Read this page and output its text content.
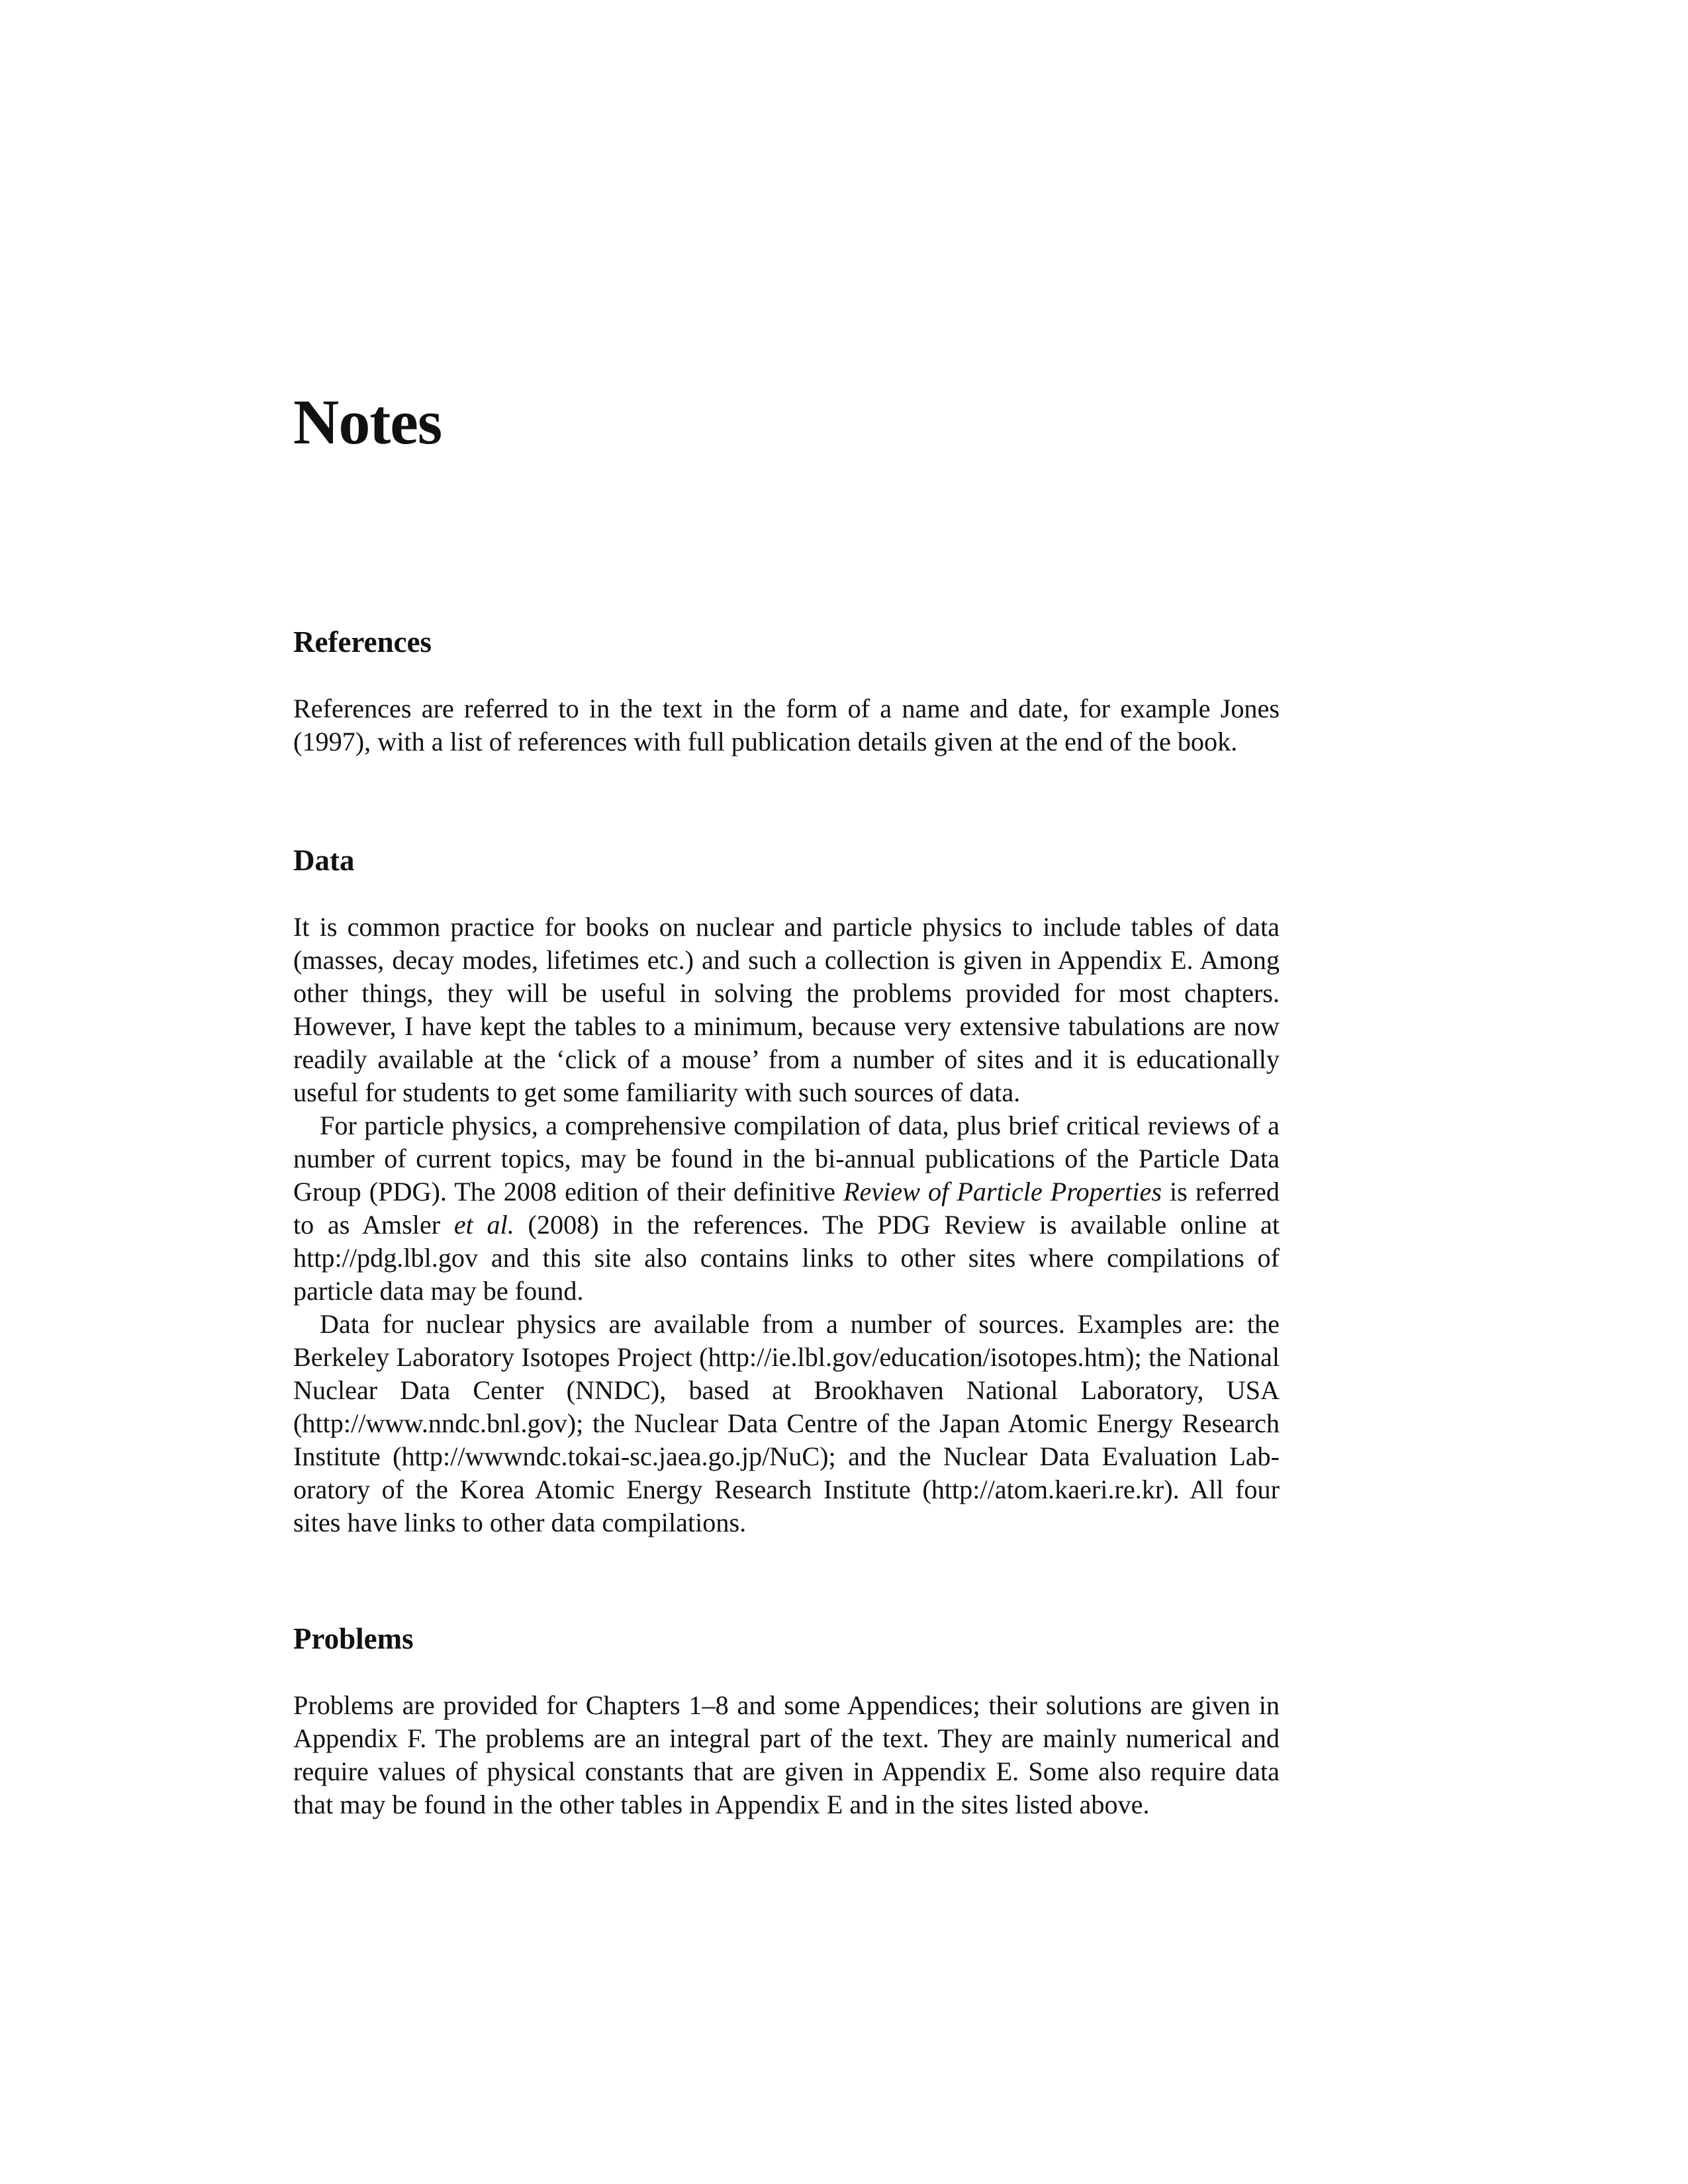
Notes
References

References are referred to in the text in the form of a name and date, for example Jones (1997), with a list of references with full publication details given at the end of the book.

Data

It is common practice for books on nuclear and particle physics to include tables of data (masses, decay modes, lifetimes etc.) and such a collection is given in Appendix E. Among other things, they will be useful in solving the problems provided for most chapters. However, I have kept the tables to a minimum, because very extensive tabulations are now readily available at the ‘click of a mouse’ from a number of sites and it is educationally useful for students to get some familiarity with such sources of data.

For particle physics, a comprehensive compilation of data, plus brief critical reviews of a number of current topics, may be found in the bi-annual publications of the Particle Data Group (PDG). The 2008 edition of their definitive Review of Particle Properties is referred to as Amsler et al. (2008) in the references. The PDG Review is available online at http://pdg.lbl.gov and this site also contains links to other sites where compilations of particle data may be found.

Data for nuclear physics are available from a number of sources. Examples are: the Berkeley Laboratory Isotopes Project (http://ie.lbl.gov/education/isotopes.htm); the National Nuclear Data Center (NNDC), based at Brookhaven National Laboratory, USA (http://www.nndc.bnl.gov); the Nuclear Data Centre of the Japan Atomic Energy Research Institute (http://wwwndc.tokai-sc.jaea.go.jp/NuC); and the Nuclear Data Evaluation Laboratory of the Korea Atomic Energy Research Institute (http://atom.kaeri.re.kr). All four sites have links to other data compilations.

Problems

Problems are provided for Chapters 1–8 and some Appendices; their solutions are given in Appendix F. The problems are an integral part of the text. They are mainly numerical and require values of physical constants that are given in Appendix E. Some also require data that may be found in the other tables in Appendix E and in the sites listed above.
